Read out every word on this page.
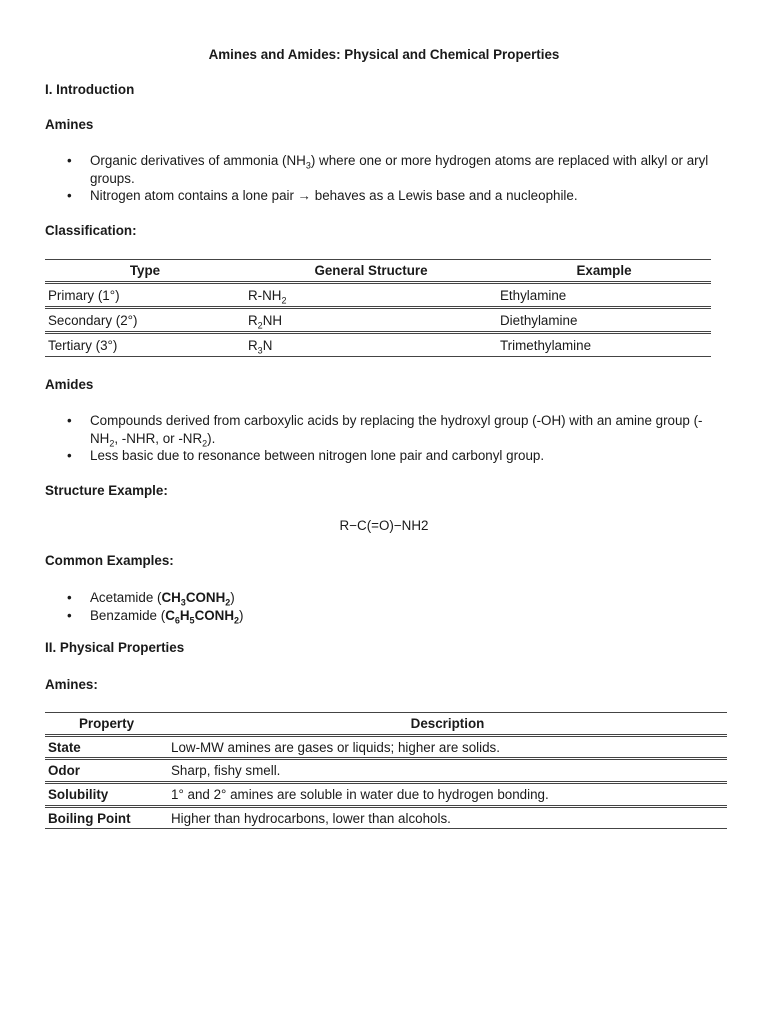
Amines and Amides: Physical and Chemical Properties
I. Introduction
Amines
• Organic derivatives of ammonia $(NH_3)$ where one or more hydrogen atoms are replaced with alkyl or aryl groups.
• Nitrogen atom contains a lone pair → behaves as a Lewis base and a nucleophile.
Classification:
Type	General Structure	Example
Primary (1°)	$R-NH_2$	Ethylamine
Secondary (2°)	$R_2NH$	Diethylamine
Tertiary (3°)	$R_3N$	Trimethylamine
Amides
• Compounds derived from carboxylic acids by replacing the hydroxyl group (-OH) with an amine group ($-NH_2$, -NHR, or $-NR_2$).
• Less basic due to resonance between nitrogen lone pair and carbonyl group.
Structure Example:
R−C(=O)−NH2
Common Examples:
• Acetamide $(CH_3CONH_2)$
• Benzamide $(C_6H_5CONH_2)$
II. Physical Properties
Amines:
Property	Description
State	Low-MW amines are gases or liquids; higher are solids.
Odor	Sharp, fishy smell.
Solubility	1° and 2° amines are soluble in water due to hydrogen bonding.
Boiling Point	Higher than hydrocarbons, lower than alcohols.
